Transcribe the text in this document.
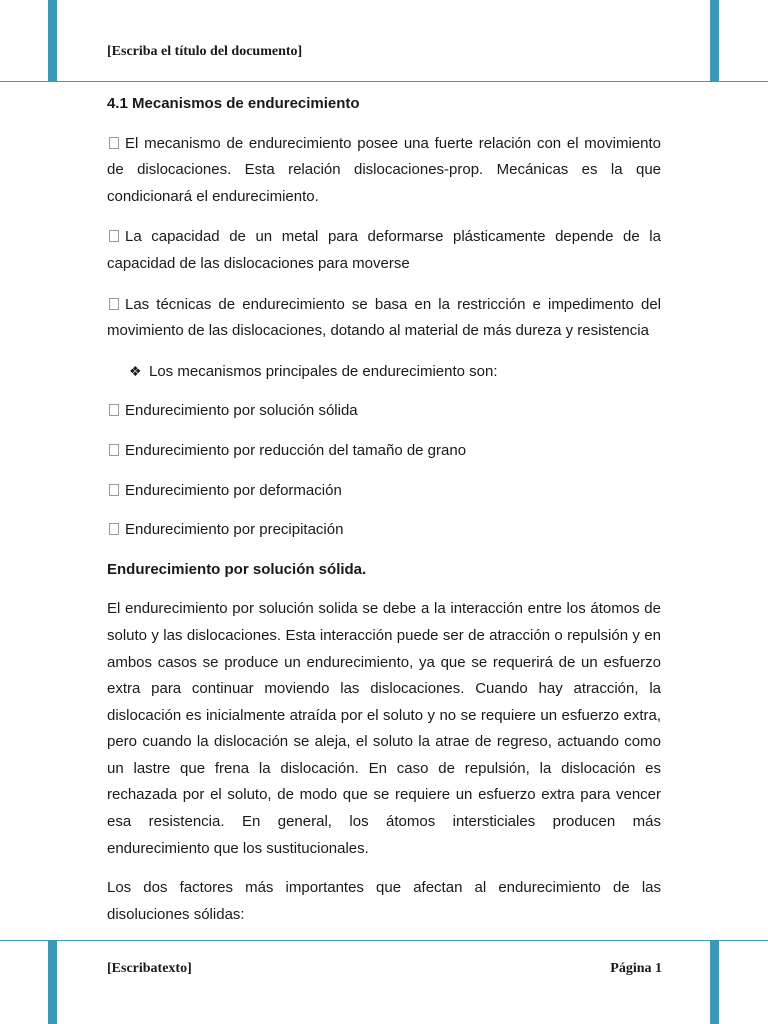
[Escriba el título del documento]

4.1 Mecanismos de endurecimiento

El mecanismo de endurecimiento posee una fuerte relación con el movimiento de dislocaciones. Esta relación dislocaciones-prop. Mecánicas es la que condicionará el endurecimiento.

La capacidad de un metal para deformarse plásticamente depende de la capacidad de las dislocaciones para moverse

Las técnicas de endurecimiento se basa en la restricción e impedimento del movimiento de las dislocaciones, dotando al material de más dureza y resistencia

❖ Los mecanismos principales de endurecimiento son:

Endurecimiento por solución sólida

Endurecimiento por reducción del tamaño de grano

Endurecimiento por deformación

Endurecimiento por precipitación

Endurecimiento por solución sólida.

El endurecimiento por solución solida se debe a la interacción entre los átomos de soluto y las dislocaciones. Esta interacción puede ser de atracción o repulsión y en ambos casos se produce un endurecimiento, ya que se requerirá de un esfuerzo extra para continuar moviendo las dislocaciones. Cuando hay atracción, la dislocación es inicialmente atraída por el soluto y no se requiere un esfuerzo extra, pero cuando la dislocación se aleja, el soluto la atrae de regreso, actuando como un lastre que frena la dislocación. En caso de repulsión, la dislocación es rechazada por el soluto, de modo que se requiere un esfuerzo extra para vencer esa resistencia. En general, los átomos intersticiales producen más endurecimiento que los sustitucionales.

Los dos factores más importantes que afectan al endurecimiento de las disoluciones sólidas:

[Escribatexto]	Página 1
